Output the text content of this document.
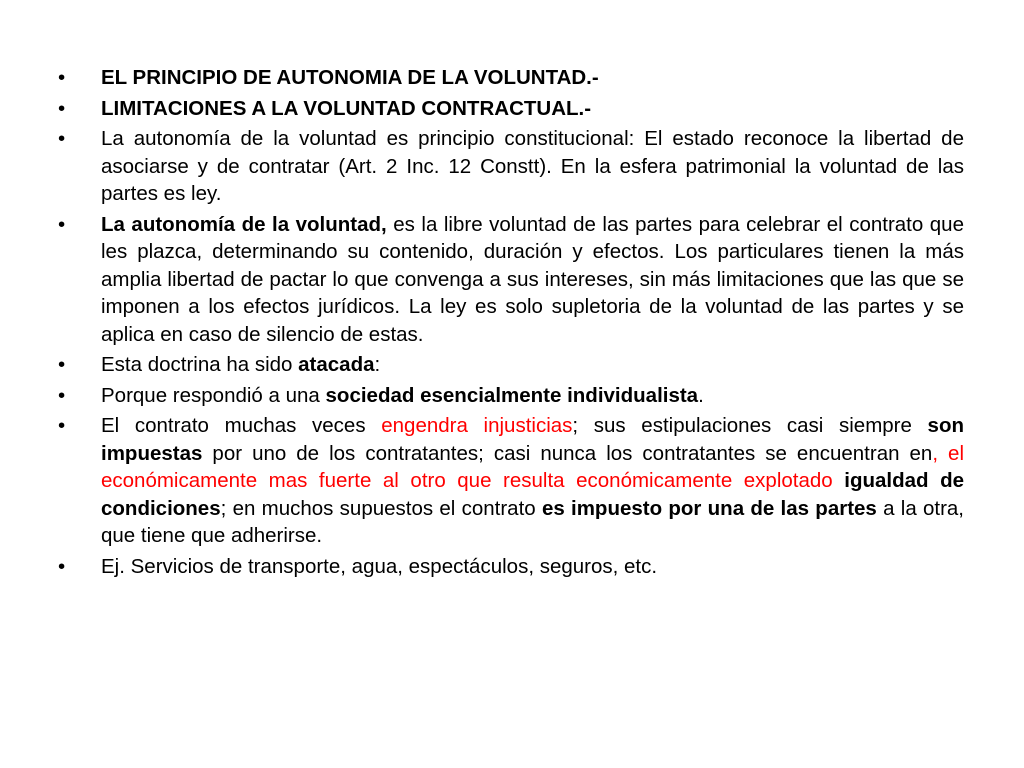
•	EL PRINCIPIO DE AUTONOMIA DE LA VOLUNTAD.-
•	LIMITACIONES A LA VOLUNTAD CONTRACTUAL.-
•	La autonomía de la voluntad es principio constitucional: El estado reconoce la libertad de asociarse y de contratar (Art. 2 Inc. 12 Constt). En la esfera patrimonial la voluntad de las partes es ley.
•	La autonomía de la voluntad, es la libre voluntad de las partes para celebrar el contrato que les plazca, determinando su contenido, duración y efectos. Los particulares tienen la más amplia libertad de pactar lo que convenga a sus intereses, sin más limitaciones que las que se imponen a los efectos jurídicos. La ley es solo supletoria de la voluntad de las partes y se aplica en caso de silencio de estas.
•	Esta doctrina ha sido atacada:
•	Porque respondió a una sociedad esencialmente individualista.
•	El contrato muchas veces engendra injusticias; sus estipulaciones casi siempre son impuestas por uno de los contratantes; casi nunca los contratantes se encuentran en, el económicamente mas fuerte al otro que resulta económicamente explotado igualdad de condiciones; en muchos supuestos el contrato es impuesto por una de las partes a la otra, que tiene que adherirse.
•	Ej. Servicios de transporte, agua, espectáculos, seguros, etc.
